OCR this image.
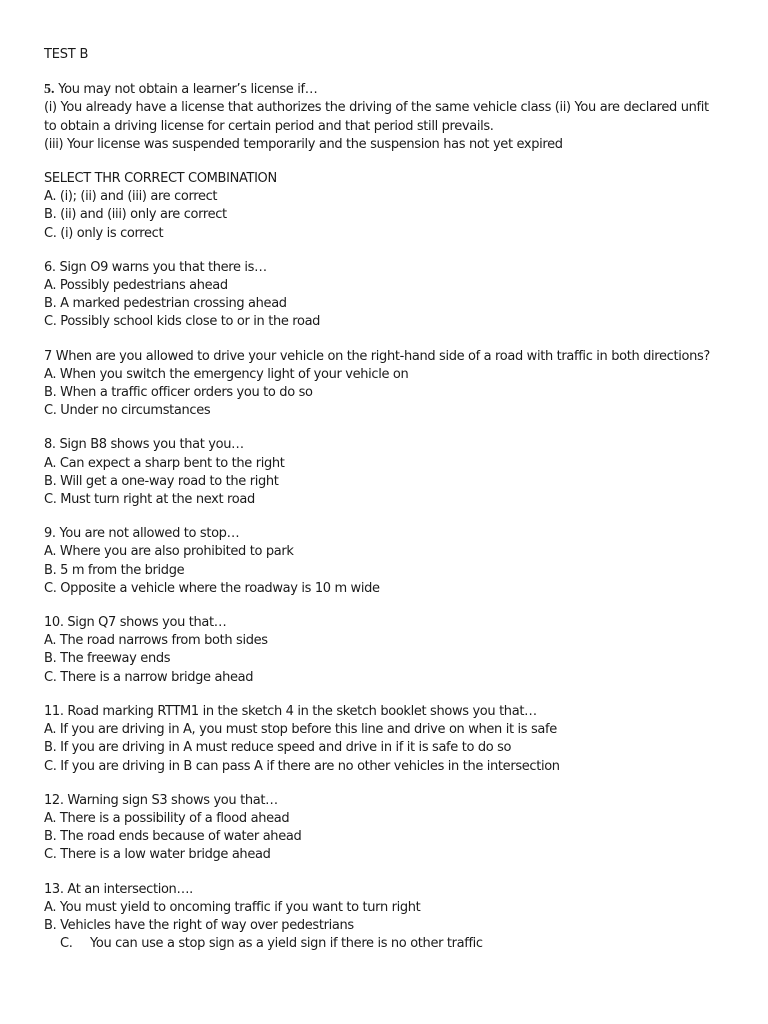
TEST B
5. You may not obtain a learner’s license if…
(i) You already have a license that authorizes the driving of the same vehicle class (ii) You are declared unfit
to obtain a driving license for certain period and that period still prevails.
(iii) Your license was suspended temporarily and the suspension has not yet expired
SELECT THR CORRECT COMBINATION
A. (i); (ii) and (iii) are correct
B. (ii) and (iii) only are correct
C. (i) only is correct
6. Sign O9 warns you that there is…
A. Possibly pedestrians ahead
B. A marked pedestrian crossing ahead
C. Possibly school kids close to or in the road
7 When are you allowed to drive your vehicle on the right-hand side of a road with traffic in both directions?
A. When you switch the emergency light of your vehicle on
B. When a traffic officer orders you to do so
C. Under no circumstances
8. Sign B8 shows you that you…
A. Can expect a sharp bent to the right
B. Will get a one-way road to the right
C. Must turn right at the next road
9. You are not allowed to stop…
A. Where you are also prohibited to park
B. 5 m from the bridge
C. Opposite a vehicle where the roadway is 10 m wide
10. Sign Q7 shows you that…
A. The road narrows from both sides
B. The freeway ends
C. There is a narrow bridge ahead
11. Road marking RTTM1 in the sketch 4 in the sketch booklet shows you that…
A. If you are driving in A, you must stop before this line and drive on when it is safe
B. If you are driving in A must reduce speed and drive in if it is safe to do so
C. If you are driving in B can pass A if there are no other vehicles in the intersection
12. Warning sign S3 shows you that…
A. There is a possibility of a flood ahead
B. The road ends because of water ahead
C. There is a low water bridge ahead
13. At an intersection….
A. You must yield to oncoming traffic if you want to turn right
B. Vehicles have the right of way over pedestrians
C.	You can use a stop sign as a yield sign if there is no other traffic
